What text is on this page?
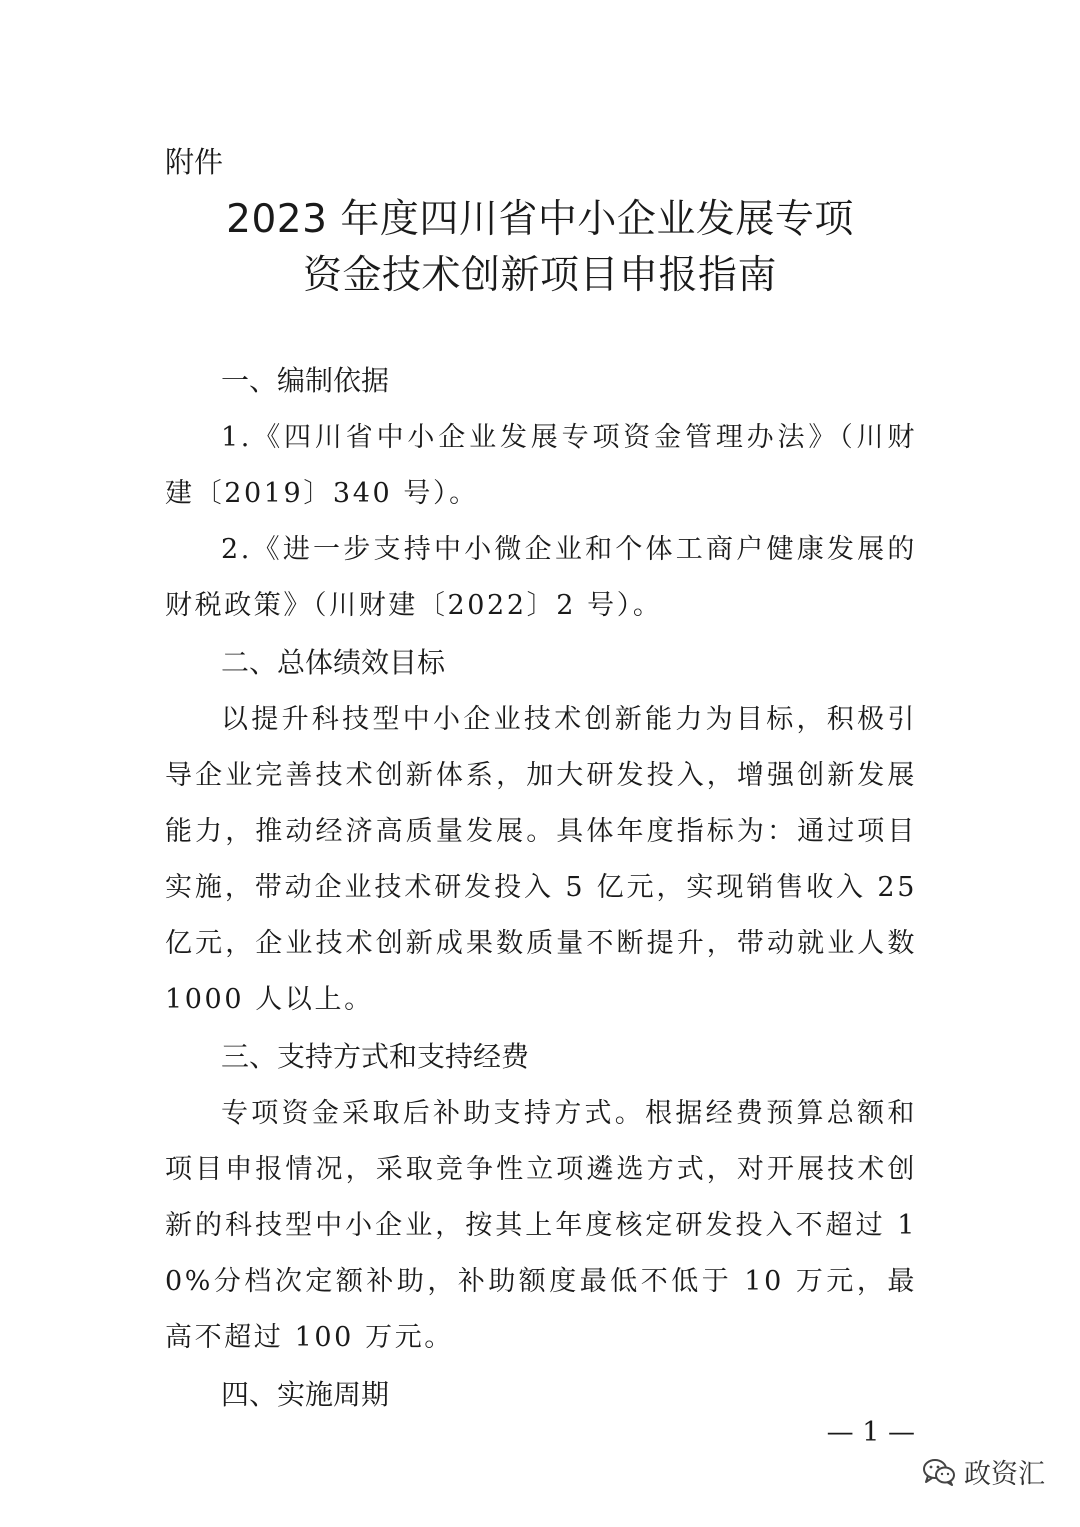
附件

2023 年度四川省中小企业发展专项
资金技术创新项目申报指南
一、编制依据

1.《四川省中小企业发展专项资金管理办法》（川财建〔2019〕340 号）。

2.《进一步支持中小微企业和个体工商户健康发展的财税政策》（川财建〔2022〕2 号）。

二、总体绩效目标

以提升科技型中小企业技术创新能力为目标，积极引导企业完善技术创新体系，加大研发投入，增强创新发展能力，推动经济高质量发展。具体年度指标为：通过项目实施，带动企业技术研发投入 5 亿元，实现销售收入 25 亿元，企业技术创新成果数质量不断提升，带动就业人数 1000 人以上。

三、支持方式和支持经费

专项资金采取后补助支持方式。根据经费预算总额和项目申报情况，采取竞争性立项遴选方式，对开展技术创新的科技型中小企业，按其上年度核定研发投入不超过 10%分档次定额补助，补助额度最低不低于 10 万元，最高不超过 100 万元。

四、实施周期

— 1 —

政资汇
